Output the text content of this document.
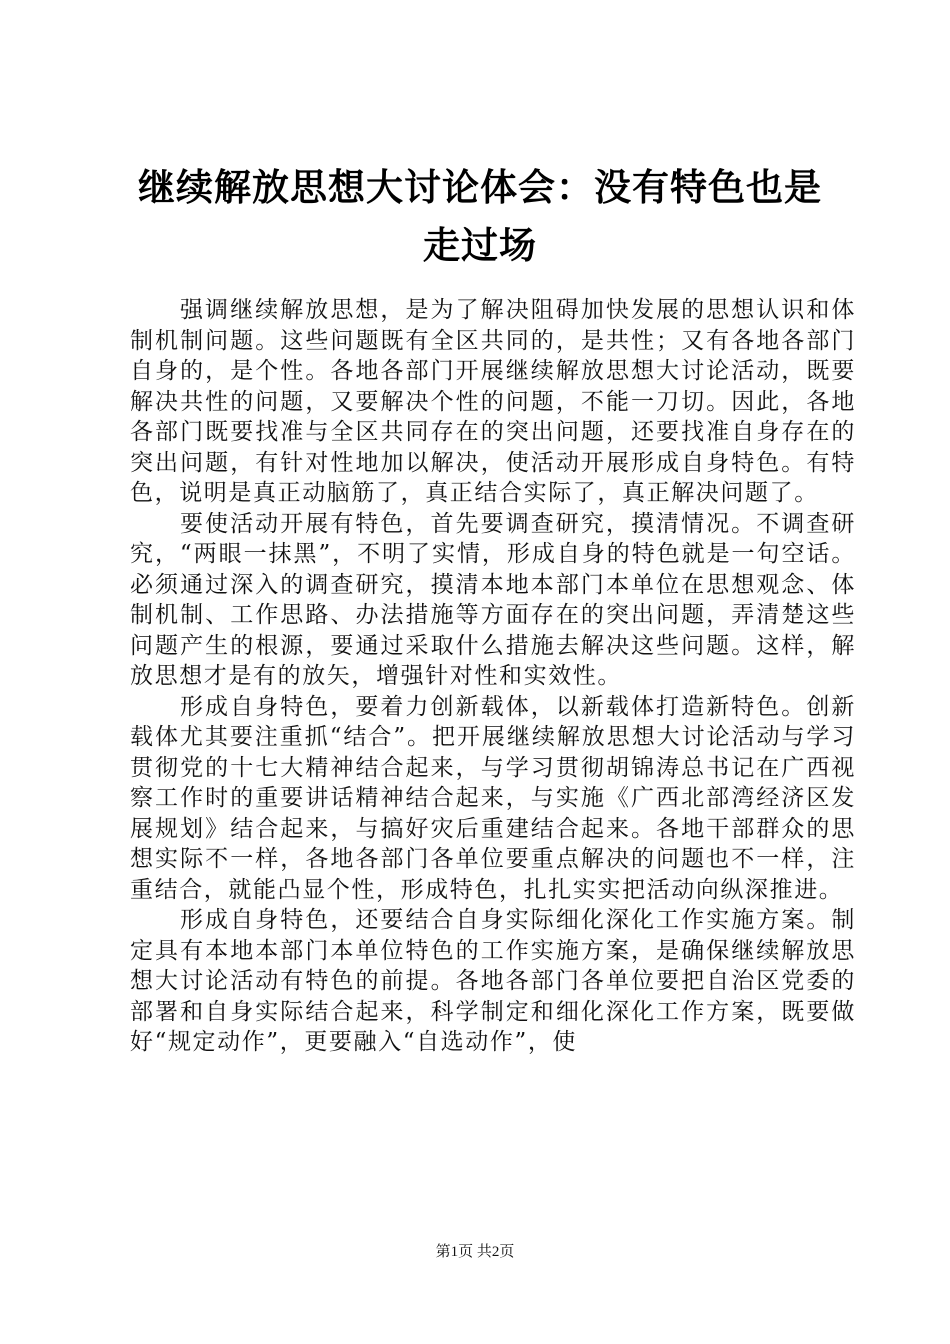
继续解放思想大讨论体会：没有特色也是走过场

强调继续解放思想，是为了解决阻碍加快发展的思想认识和体制机制问题。这些问题既有全区共同的，是共性；又有各地各部门自身的，是个性。各地各部门开展继续解放思想大讨论活动，既要解决共性的问题，又要解决个性的问题，不能一刀切。因此，各地各部门既要找准与全区共同存在的突出问题，还要找准自身存在的突出问题，有针对性地加以解决，使活动开展形成自身特色。有特色，说明是真正动脑筋了，真正结合实际了，真正解决问题了。

要使活动开展有特色，首先要调查研究，摸清情况。不调查研究，“两眼一抹黑”，不明了实情，形成自身的特色就是一句空话。必须通过深入的调查研究，摸清本地本部门本单位在思想观念、体制机制、工作思路、办法措施等方面存在的突出问题，弄清楚这些问题产生的根源，要通过采取什么措施去解决这些问题。这样，解放思想才是有的放矢，增强针对性和实效性。

形成自身特色，要着力创新载体，以新载体打造新特色。创新载体尤其要注重抓“结合”。把开展继续解放思想大讨论活动与学习贯彻党的十七大精神结合起来，与学习贯彻胡锦涛总书记在广西视察工作时的重要讲话精神结合起来，与实施《广西北部湾经济区发展规划》结合起来，与搞好灾后重建结合起来。各地干部群众的思想实际不一样，各地各部门各单位要重点解决的问题也不一样，注重结合，就能凸显个性，形成特色，扎扎实实把活动向纵深推进。

形成自身特色，还要结合自身实际细化深化工作实施方案。制定具有本地本部门本单位特色的工作实施方案，是确保继续解放思想大讨论活动有特色的前提。各地各部门各单位要把自治区党委的部署和自身实际结合起来，科学制定和细化深化工作方案，既要做好“规定动作”，更要融入“自选动作”，使

第1页 共2页
